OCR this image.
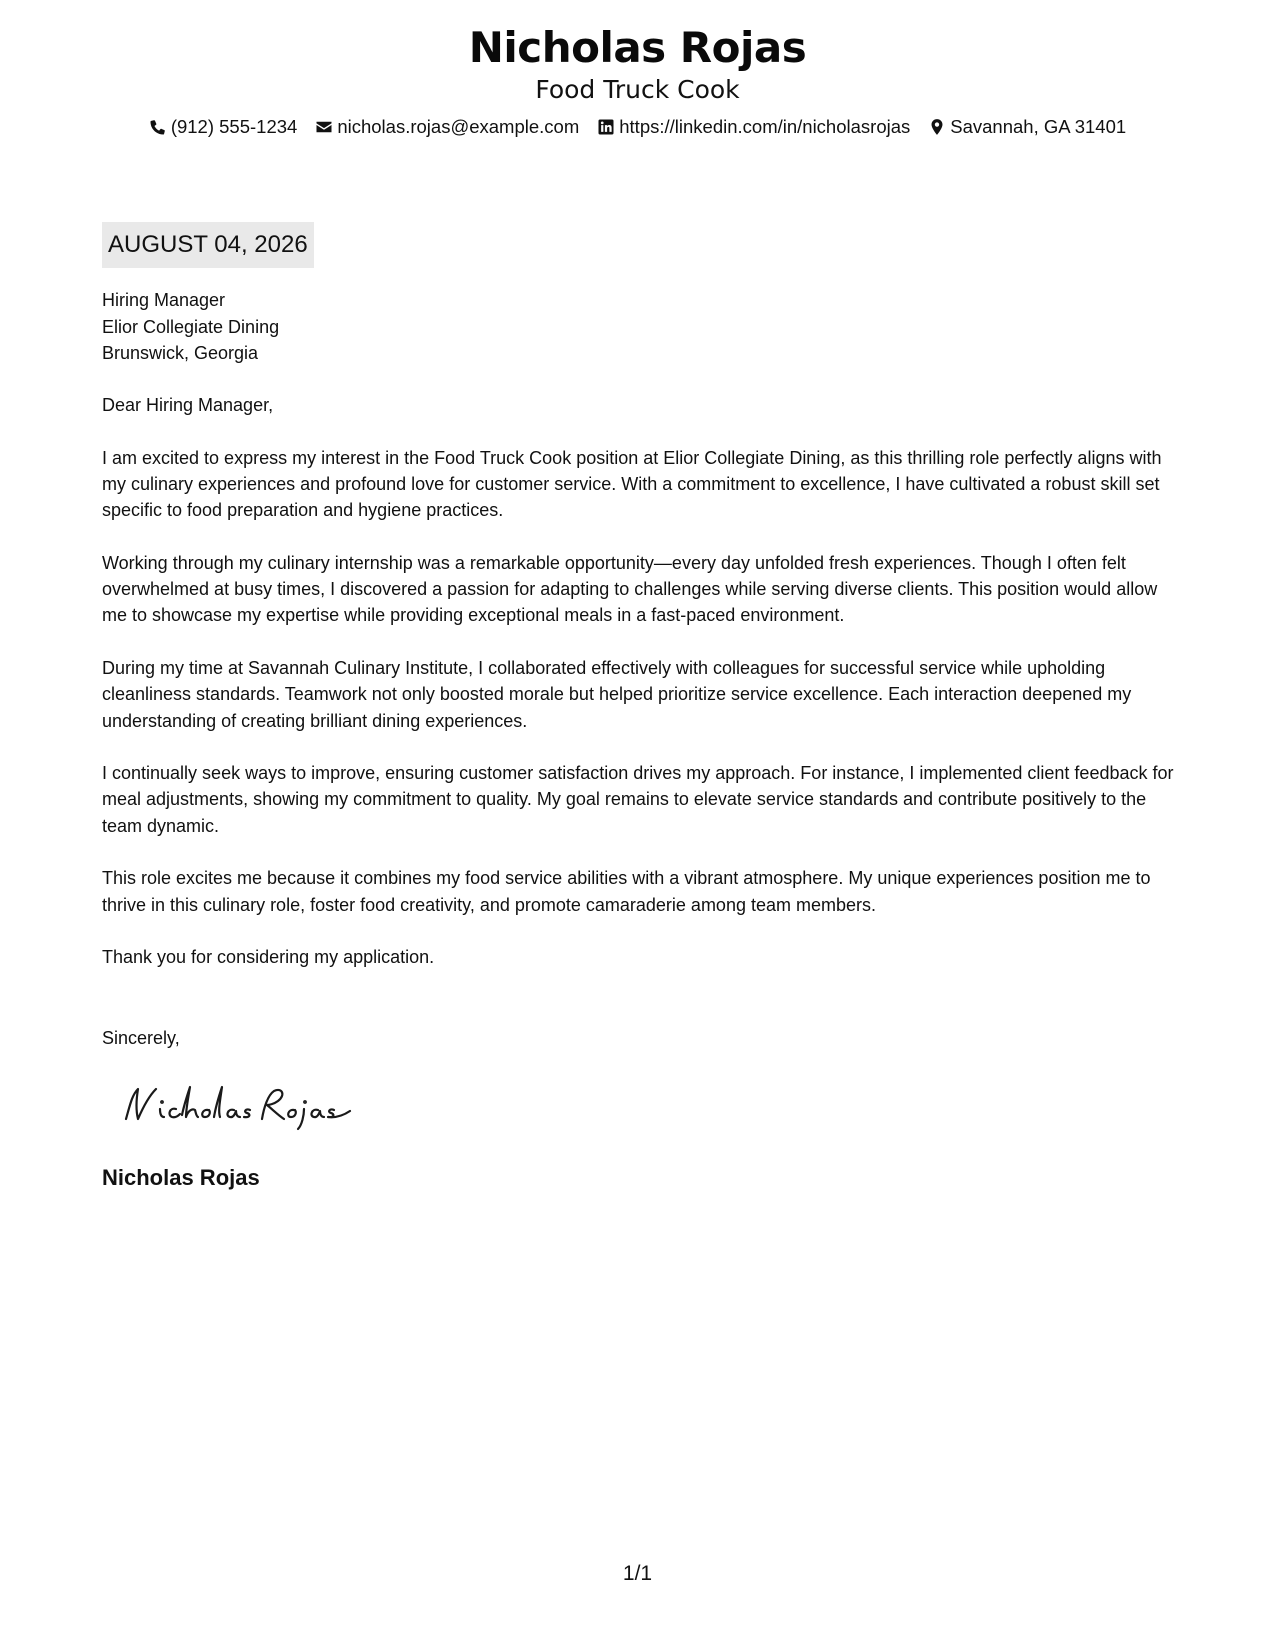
Nicholas Rojas
Food Truck Cook
(912) 555-1234 nicholas.rojas@example.com https://linkedin.com/in/nicholasrojas Savannah, GA 31401
AUGUST 04, 2026
Hiring Manager
Elior Collegiate Dining
Brunswick, Georgia

Dear Hiring Manager,

I am excited to express my interest in the Food Truck Cook position at Elior Collegiate Dining, as this thrilling role perfectly aligns with my culinary experiences and profound love for customer service. With a commitment to excellence, I have cultivated a robust skill set specific to food preparation and hygiene practices.

Working through my culinary internship was a remarkable opportunity—every day unfolded fresh experiences. Though I often felt overwhelmed at busy times, I discovered a passion for adapting to challenges while serving diverse clients. This position would allow me to showcase my expertise while providing exceptional meals in a fast-paced environment.

During my time at Savannah Culinary Institute, I collaborated effectively with colleagues for successful service while upholding cleanliness standards. Teamwork not only boosted morale but helped prioritize service excellence. Each interaction deepened my understanding of creating brilliant dining experiences.

I continually seek ways to improve, ensuring customer satisfaction drives my approach. For instance, I implemented client feedback for meal adjustments, showing my commitment to quality. My goal remains to elevate service standards and contribute positively to the team dynamic.

This role excites me because it combines my food service abilities with a vibrant atmosphere. My unique experiences position me to thrive in this culinary role, foster food creativity, and promote camaraderie among team members.

Thank you for considering my application.

Sincerely,
Nicholas Rojas
1/1
